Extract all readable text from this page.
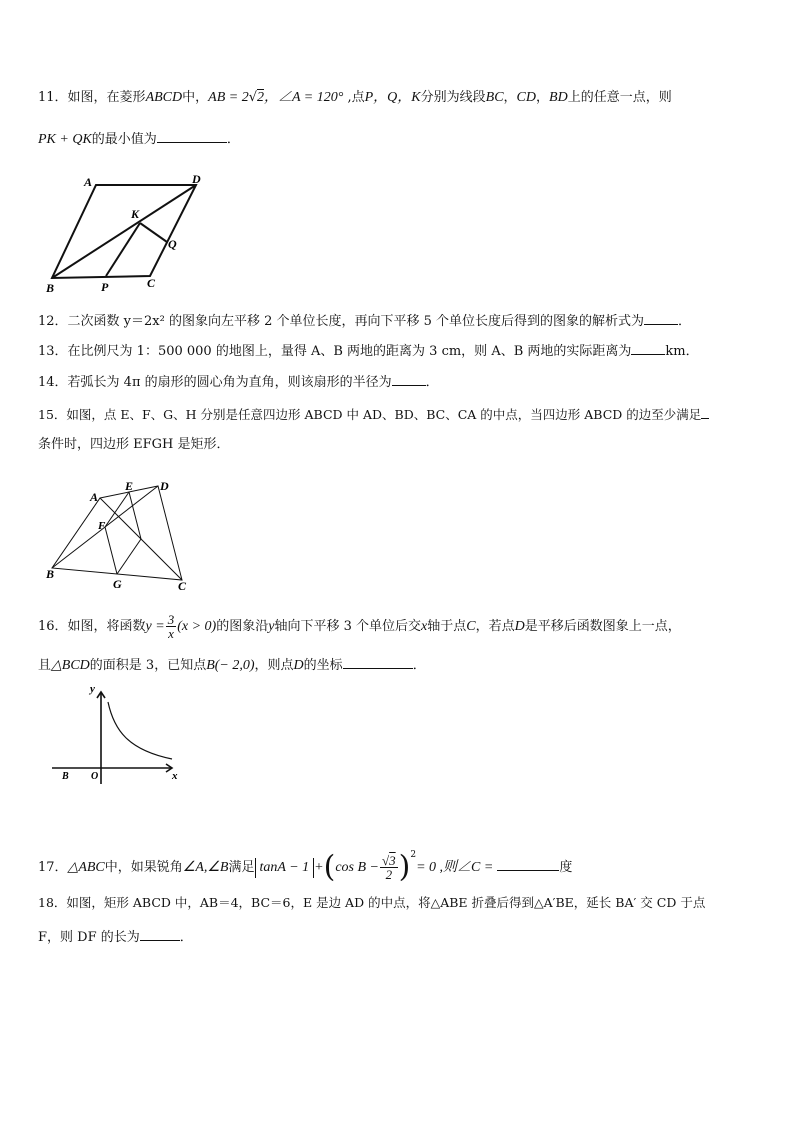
11．如图，在菱形ABCD中，AB = 2√2，∠A = 120° ,点P，Q，K分别为线段BC，CD，BD上的任意一点，则
PK + QK的最小值为	．
A	D
K
Q
B	P	C
12．二次函数 y＝2x² 的图象向左平移 2 个单位长度，再向下平移 5 个单位长度后得到的图象的解析式为	．
13．在比例尺为 1：500 000 的地图上，量得 A、B 两地的距离为 3 cm，则 A、B 两地的实际距离为	km．
14．若弧长为 4π 的扇形的圆心角为直角，则该扇形的半径为	．
15．如图，点 E、F、G、H 分别是任意四边形 ABCD 中 AD、BD、BC、CA 的中点，当四边形 ABCD 的边至少满足
条件时，四边形 EFGH 是矩形．
A
E D
F
B
G	C
16．如图，将函数$y = \frac{3}{x} (x > 0)$的图象沿y轴向下平移 3 个单位后交x轴于点C，若点D是平移后函数图象上一点，
且△BCD的面积是 3，已知点B(− 2,0)，则点D的坐标	．
y
B O	x
17．△ABC中，如果锐角∠A,∠B满足 tanA − 1 +(cos $B - \frac{√3}{2} )^2= 0$ ,则∠C =	度
18．如图，矩形 ABCD 中，AB＝4，BC＝6，E 是边 AD 的中点，将△ABE 折叠后得到△A′BE，延长 BA′ 交 CD 于点
F，则 DF 的长为	．
